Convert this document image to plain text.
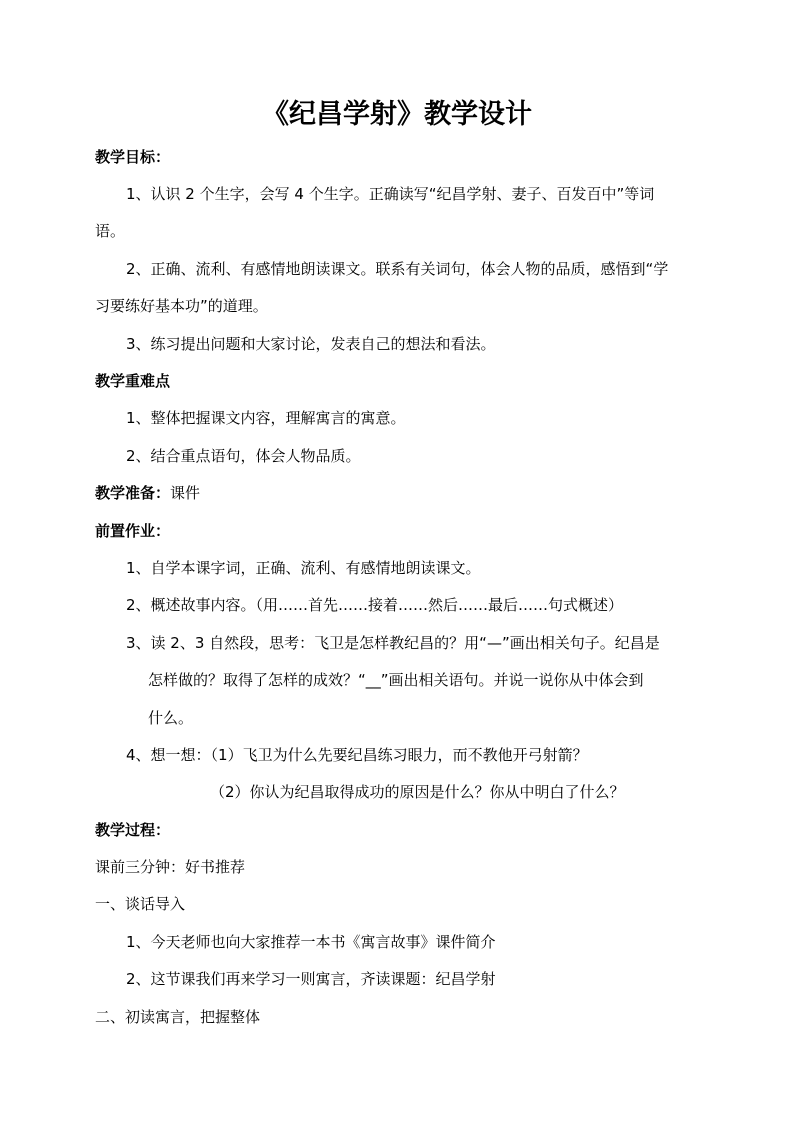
《纪昌学射》教学设计
教学目标：
1、认识 2 个生字，会写 4 个生字。正确读写“纪昌学射、妻子、百发百中”等词
语。
2、正确、流利、有感情地朗读课文。联系有关词句，体会人物的品质，感悟到“学
习要练好基本功”的道理。
3、练习提出问题和大家讨论，发表自己的想法和看法。
教学重难点
1、整体把握课文内容，理解寓言的寓意。
2、结合重点语句，体会人物品质。
教学准备：课件
前置作业：
1、自学本课字词，正确、流利、有感情地朗读课文。
2、概述故事内容。（用……首先……接着……然后……最后……句式概述）
3、读 2、3 自然段，思考：飞卫是怎样教纪昌的？用“—”画出相关句子。纪昌是
怎样做的？取得了怎样的成效？“__”画出相关语句。并说一说你从中体会到
什么。
4、想一想：（1）飞卫为什么先要纪昌练习眼力，而不教他开弓射箭？
（2）你认为纪昌取得成功的原因是什么？你从中明白了什么？
教学过程：
课前三分钟：好书推荐
一、谈话导入
1、今天老师也向大家推荐一本书《寓言故事》课件简介
2、这节课我们再来学习一则寓言，齐读课题：纪昌学射
二、初读寓言，把握整体
